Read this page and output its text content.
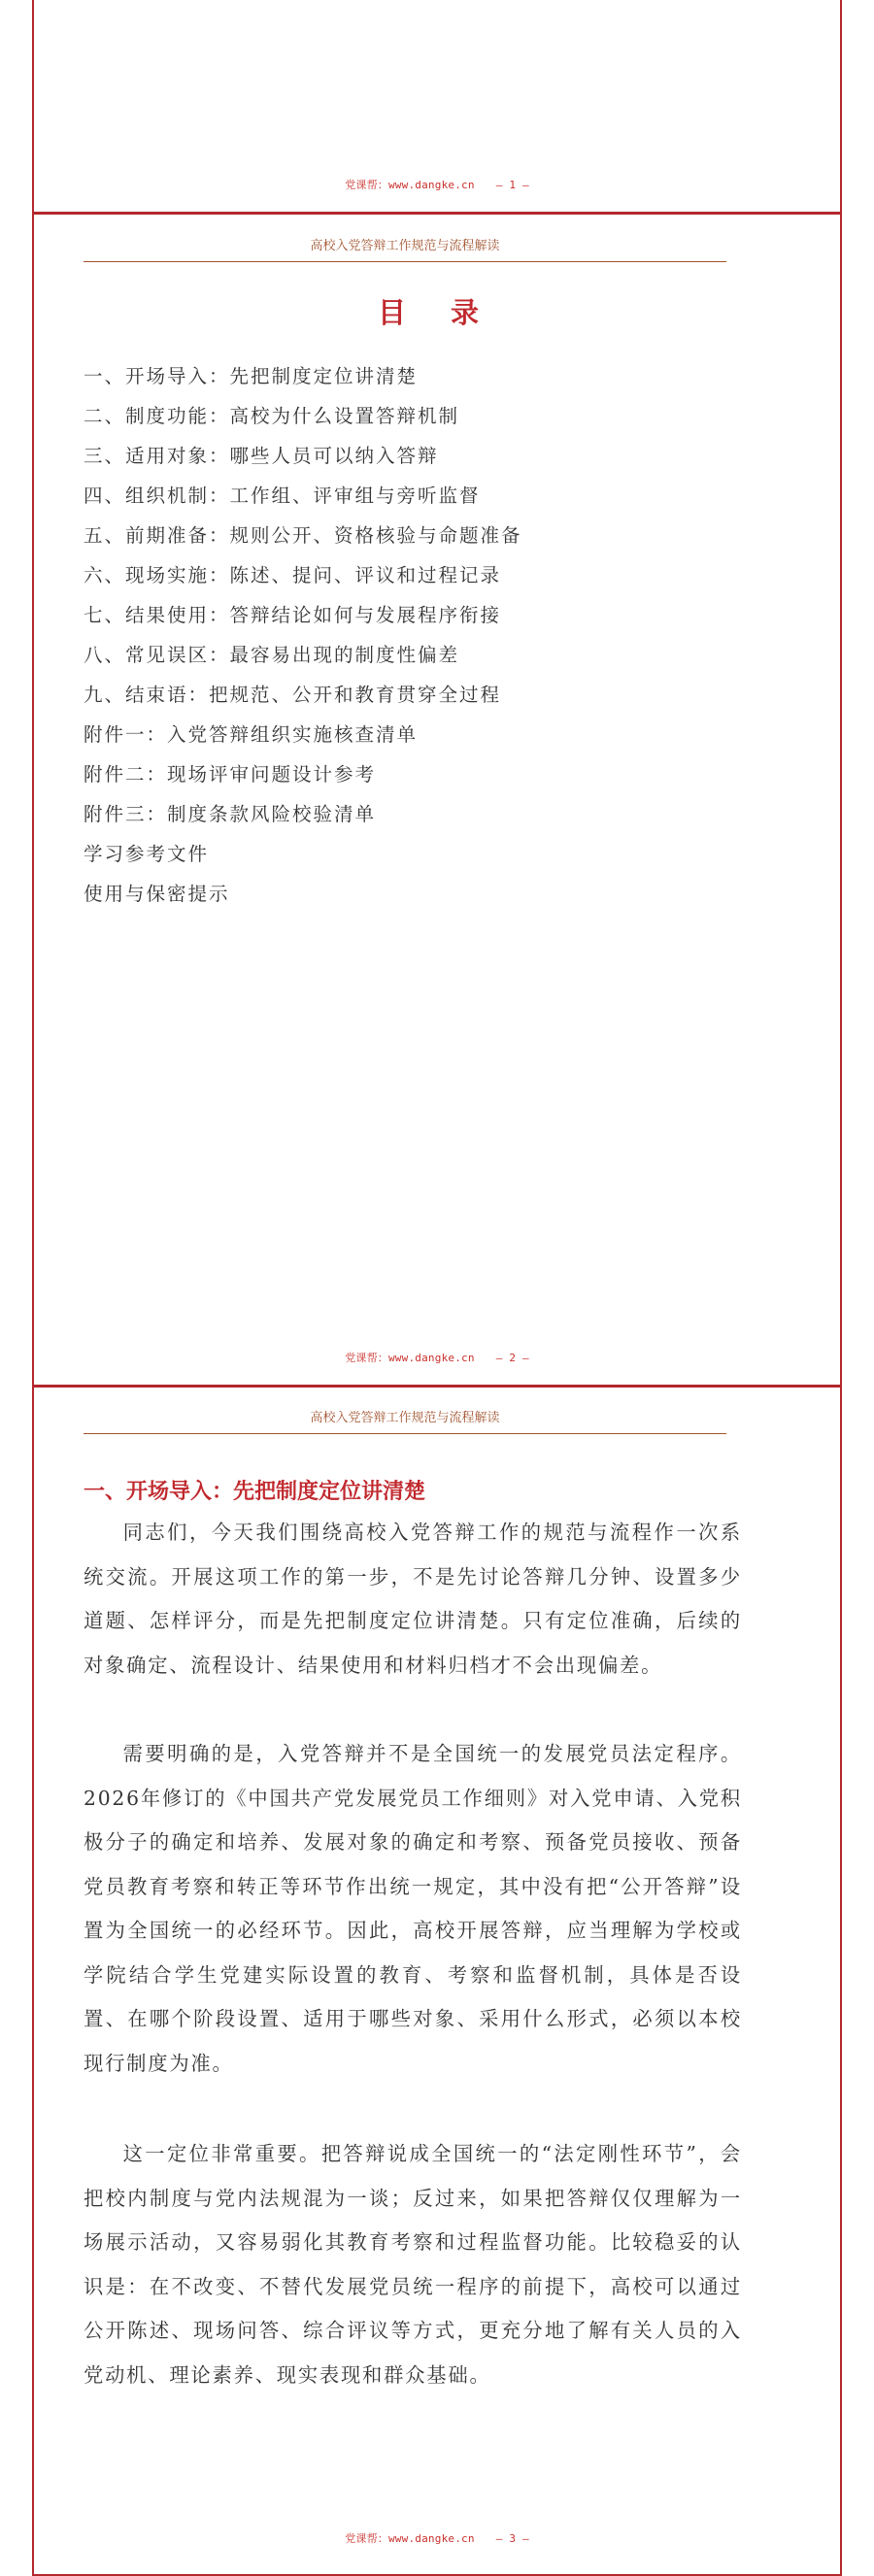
党课帮：www.dangke.cn — 1 —
高校入党答辩工作规范与流程解读
目 录
一、开场导入：先把制度定位讲清楚
二、制度功能：高校为什么设置答辩机制
三、适用对象：哪些人员可以纳入答辩
四、组织机制：工作组、评审组与旁听监督
五、前期准备：规则公开、资格核验与命题准备
六、现场实施：陈述、提问、评议和过程记录
七、结果使用：答辩结论如何与发展程序衔接
八、常见误区：最容易出现的制度性偏差
九、结束语：把规范、公开和教育贯穿全过程
附件一：入党答辩组织实施核查清单
附件二：现场评审问题设计参考
附件三：制度条款风险校验清单
学习参考文件
使用与保密提示
党课帮：www.dangke.cn — 2 —
高校入党答辩工作规范与流程解读
一、开场导入：先把制度定位讲清楚
同志们，今天我们围绕高校入党答辩工作的规范与流程作一次系统交流。开展这项工作的第一步，不是先讨论答辩几分钟、设置多少道题、怎样评分，而是先把制度定位讲清楚。只有定位准确，后续的对象确定、流程设计、结果使用和材料归档才不会出现偏差。
需要明确的是，入党答辩并不是全国统一的发展党员法定程序。2026年修订的《中国共产党发展党员工作细则》对入党申请、入党积极分子的确定和培养、发展对象的确定和考察、预备党员接收、预备党员教育考察和转正等环节作出统一规定，其中没有把“公开答辩”设置为全国统一的必经环节。因此，高校开展答辩，应当理解为学校或学院结合学生党建实际设置的教育、考察和监督机制，具体是否设置、在哪个阶段设置、适用于哪些对象、采用什么形式，必须以本校现行制度为准。
这一定位非常重要。把答辩说成全国统一的“法定刚性环节”，会把校内制度与党内法规混为一谈；反过来，如果把答辩仅仅理解为一场展示活动，又容易弱化其教育考察和过程监督功能。比较稳妥的认识是：在不改变、不替代发展党员统一程序的前提下，高校可以通过公开陈述、现场问答、综合评议等方式，更充分地了解有关人员的入党动机、理论素养、现实表现和群众基础。
党课帮：www.dangke.cn — 3 —
